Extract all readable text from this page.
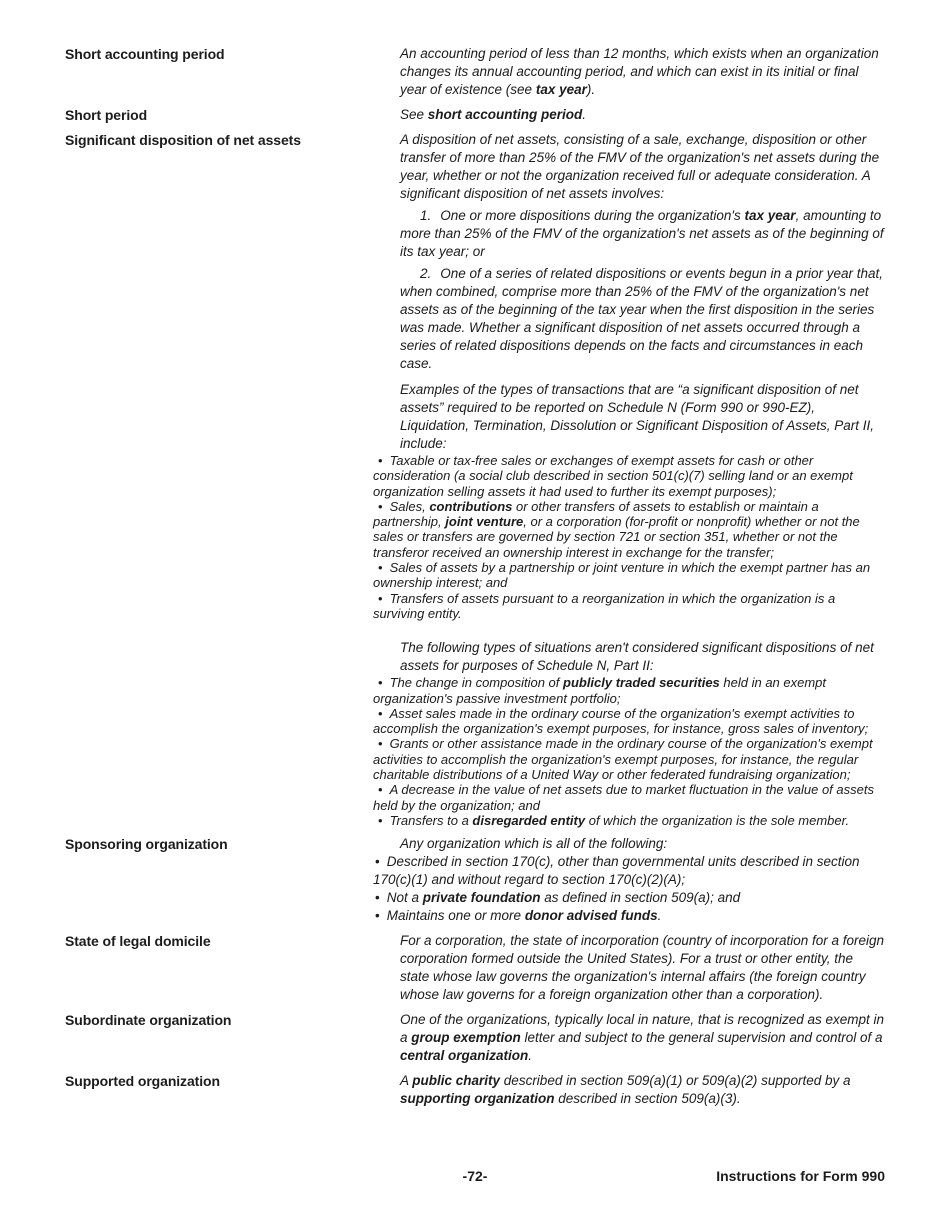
Short accounting period	An accounting period of less than 12 months, which exists when an organization changes its annual accounting period, and which can exist in its initial or final year of existence (see tax year).

Short period	See short accounting period.

Significant disposition of net assets	A disposition of net assets, consisting of a sale, exchange, disposition or other transfer of more than 25% of the FMV of the organization's net assets during the year, whether or not the organization received full or adequate consideration. A significant disposition of net assets involves:

1. One or more dispositions during the organization's tax year, amounting to more than 25% of the FMV of the organization's net assets as of the beginning of its tax year; or

2. One of a series of related dispositions or events begun in a prior year that, when combined, comprise more than 25% of the FMV of the organization's net assets as of the beginning of the tax year when the first disposition in the series was made. Whether a significant disposition of net assets occurred through a series of related dispositions depends on the facts and circumstances in each case.

Examples of the types of transactions that are “a significant disposition of net assets” required to be reported on Schedule N (Form 990 or 990-EZ), Liquidation, Termination, Dissolution or Significant Disposition of Assets, Part II, include:

• Taxable or tax-free sales or exchanges of exempt assets for cash or other consideration (a social club described in section 501(c)(7) selling land or an exempt organization selling assets it had used to further its exempt purposes);

• Sales, contributions or other transfers of assets to establish or maintain a partnership, joint venture, or a corporation (for-profit or nonprofit) whether or not the sales or transfers are governed by section 721 or section 351, whether or not the transferor received an ownership interest in exchange for the transfer;

• Sales of assets by a partnership or joint venture in which the exempt partner has an ownership interest; and

• Transfers of assets pursuant to a reorganization in which the organization is a surviving entity.

The following types of situations aren't considered significant dispositions of net assets for purposes of Schedule N, Part II:

• The change in composition of publicly traded securities held in an exempt organization's passive investment portfolio;

• Asset sales made in the ordinary course of the organization's exempt activities to accomplish the organization's exempt purposes, for instance, gross sales of inventory;

• Grants or other assistance made in the ordinary course of the organization's exempt activities to accomplish the organization's exempt purposes, for instance, the regular charitable distributions of a United Way or other federated fundraising organization;

• A decrease in the value of net assets due to market fluctuation in the value of assets held by the organization; and

• Transfers to a disregarded entity of which the organization is the sole member.

Sponsoring organization	Any organization which is all of the following:

• Described in section 170(c), other than governmental units described in section 170(c)(1) and without regard to section 170(c)(2)(A);

• Not a private foundation as defined in section 509(a); and

• Maintains one or more donor advised funds.

State of legal domicile	For a corporation, the state of incorporation (country of incorporation for a foreign corporation formed outside the United States). For a trust or other entity, the state whose law governs the organization's internal affairs (the foreign country whose law governs for a foreign organization other than a corporation).

Subordinate organization	One of the organizations, typically local in nature, that is recognized as exempt in a group exemption letter and subject to the general supervision and control of a central organization.

Supported organization	A public charity described in section 509(a)(1) or 509(a)(2) supported by a supporting organization described in section 509(a)(3).

-72-	Instructions for Form 990
